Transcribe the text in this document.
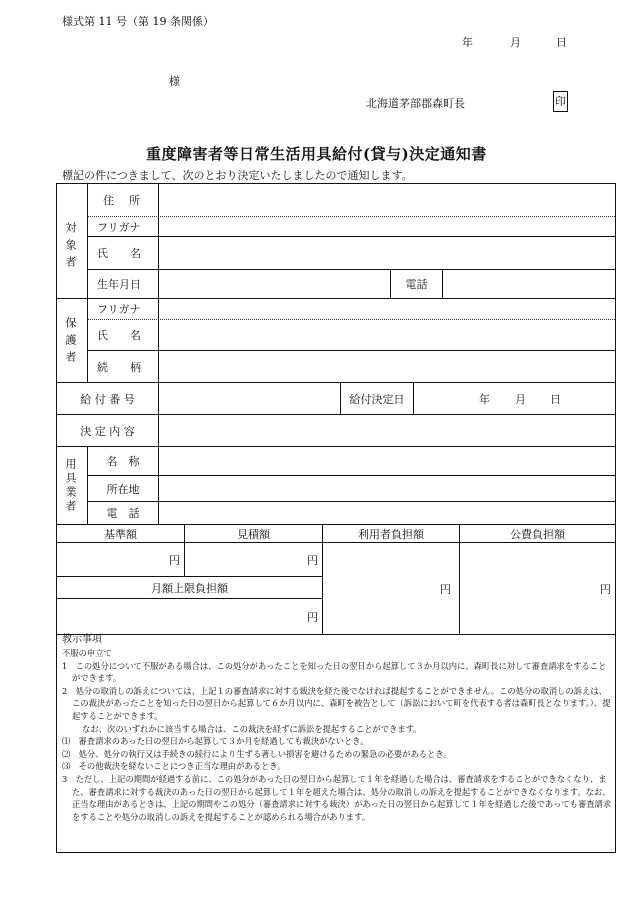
様式第 11 号（第 19 条関係）
年	月	日
様
北海道茅部郡森町長	印
重度障害者等日常生活用具給付(貸与)決定通知書
標記の件につきまして、次のとおり決定いたしましたので通知します。
対象者
住　所
フリガナ
氏　　名
生年月日	電話
保護者
フリガナ
氏　　名
続　　柄
給 付 番 号	給付決定日	年 月 日
決 定 内 容
用具業者	名　称
所在地
電　話
基準額	見積額	利用者負担額	公費負担額
円	円
月額上限負担額
円
円	円

教示事項

不服の申立て

1　この処分について不服がある場合は、この処分があったことを知った日の翌日から起算して３か月以内に、森町長に対して審査請求をすることができます。

2　処分の取消しの訴えについては、上記１の審査請求に対する裁決を経た後でなければ提起することができません。この処分の取消しの訴えは、この裁決があったことを知った日の翌日から起算して６か月以内に、森町を被告として（訴訟において町を代表する者は森町長となります。）、提起することができます。

なお、次のいずれかに該当する場合は、この裁決を経ずに訴訟を提起することができます。

⑴　審査請求のあった日の翌日から起算して３か月を経過しても裁決がないとき。

⑵　処分、処分の執行又は手続きの続行により生ずる著しい損害を避けるための緊急の必要があるとき。

⑶　その他裁決を経ないことにつき正当な理由があるとき。

3　ただし、上記の期間が経過する前に、この処分があった日の翌日から起算して１年を経過した場合は、審査請求をすることができなくなり、また、審査請求に対する裁決のあった日の翌日から起算して１年を超えた場合は、処分の取消しの訴えを提起することができなくなります。なお、正当な理由があるときは、上記の期間やこの処分（審査請求に対する裁決）があった日の翌日から起算して１年を経過した後であっても審査請求をすることや処分の取消しの訴えを提起することが認められる場合があります。
